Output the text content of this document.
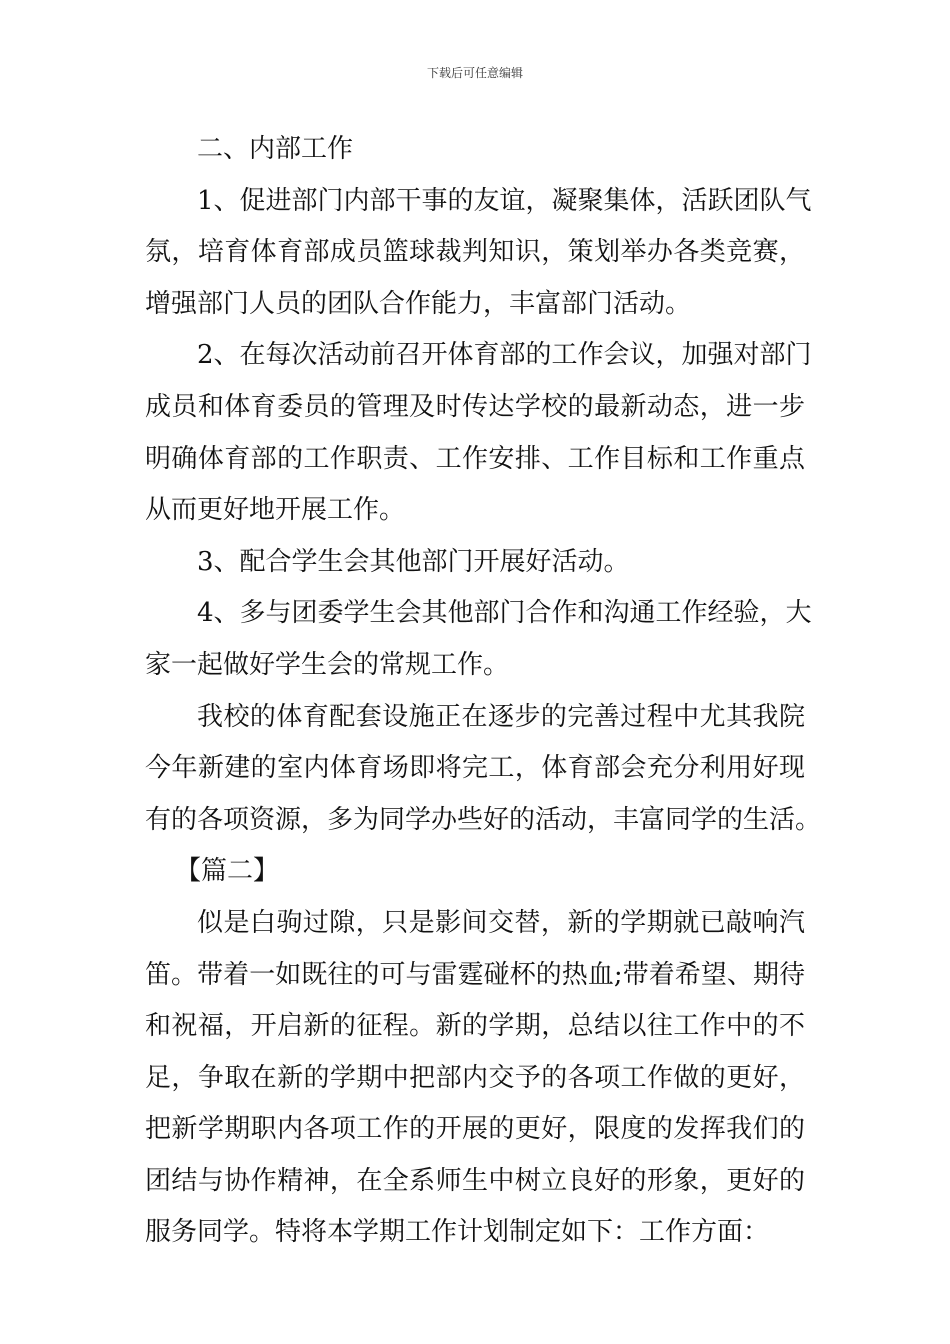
下载后可任意编辑
二、内部工作
1、促进部门内部干事的友谊，凝聚集体，活跃团队气
氛，培育体育部成员篮球裁判知识，策划举办各类竞赛，
增强部门人员的团队合作能力，丰富部门活动。
2、在每次活动前召开体育部的工作会议，加强对部门
成员和体育委员的管理及时传达学校的最新动态，进一步
明确体育部的工作职责、工作安排、工作目标和工作重点
从而更好地开展工作。
3、配合学生会其他部门开展好活动。
4、多与团委学生会其他部门合作和沟通工作经验，大
家一起做好学生会的常规工作。
我校的体育配套设施正在逐步的完善过程中尤其我院
今年新建的室内体育场即将完工，体育部会充分利用好现
有的各项资源，多为同学办些好的活动，丰富同学的生活。
【篇二】
似是白驹过隙，只是影间交替，新的学期就已敲响汽
笛。带着一如既往的可与雷霆碰杯的热血;带着希望、期待
和祝福，开启新的征程。新的学期，总结以往工作中的不
足，争取在新的学期中把部内交予的各项工作做的更好，
把新学期职内各项工作的开展的更好，限度的发挥我们的
团结与协作精神，在全系师生中树立良好的形象，更好的
服务同学。特将本学期工作计划制定如下：工作方面：
